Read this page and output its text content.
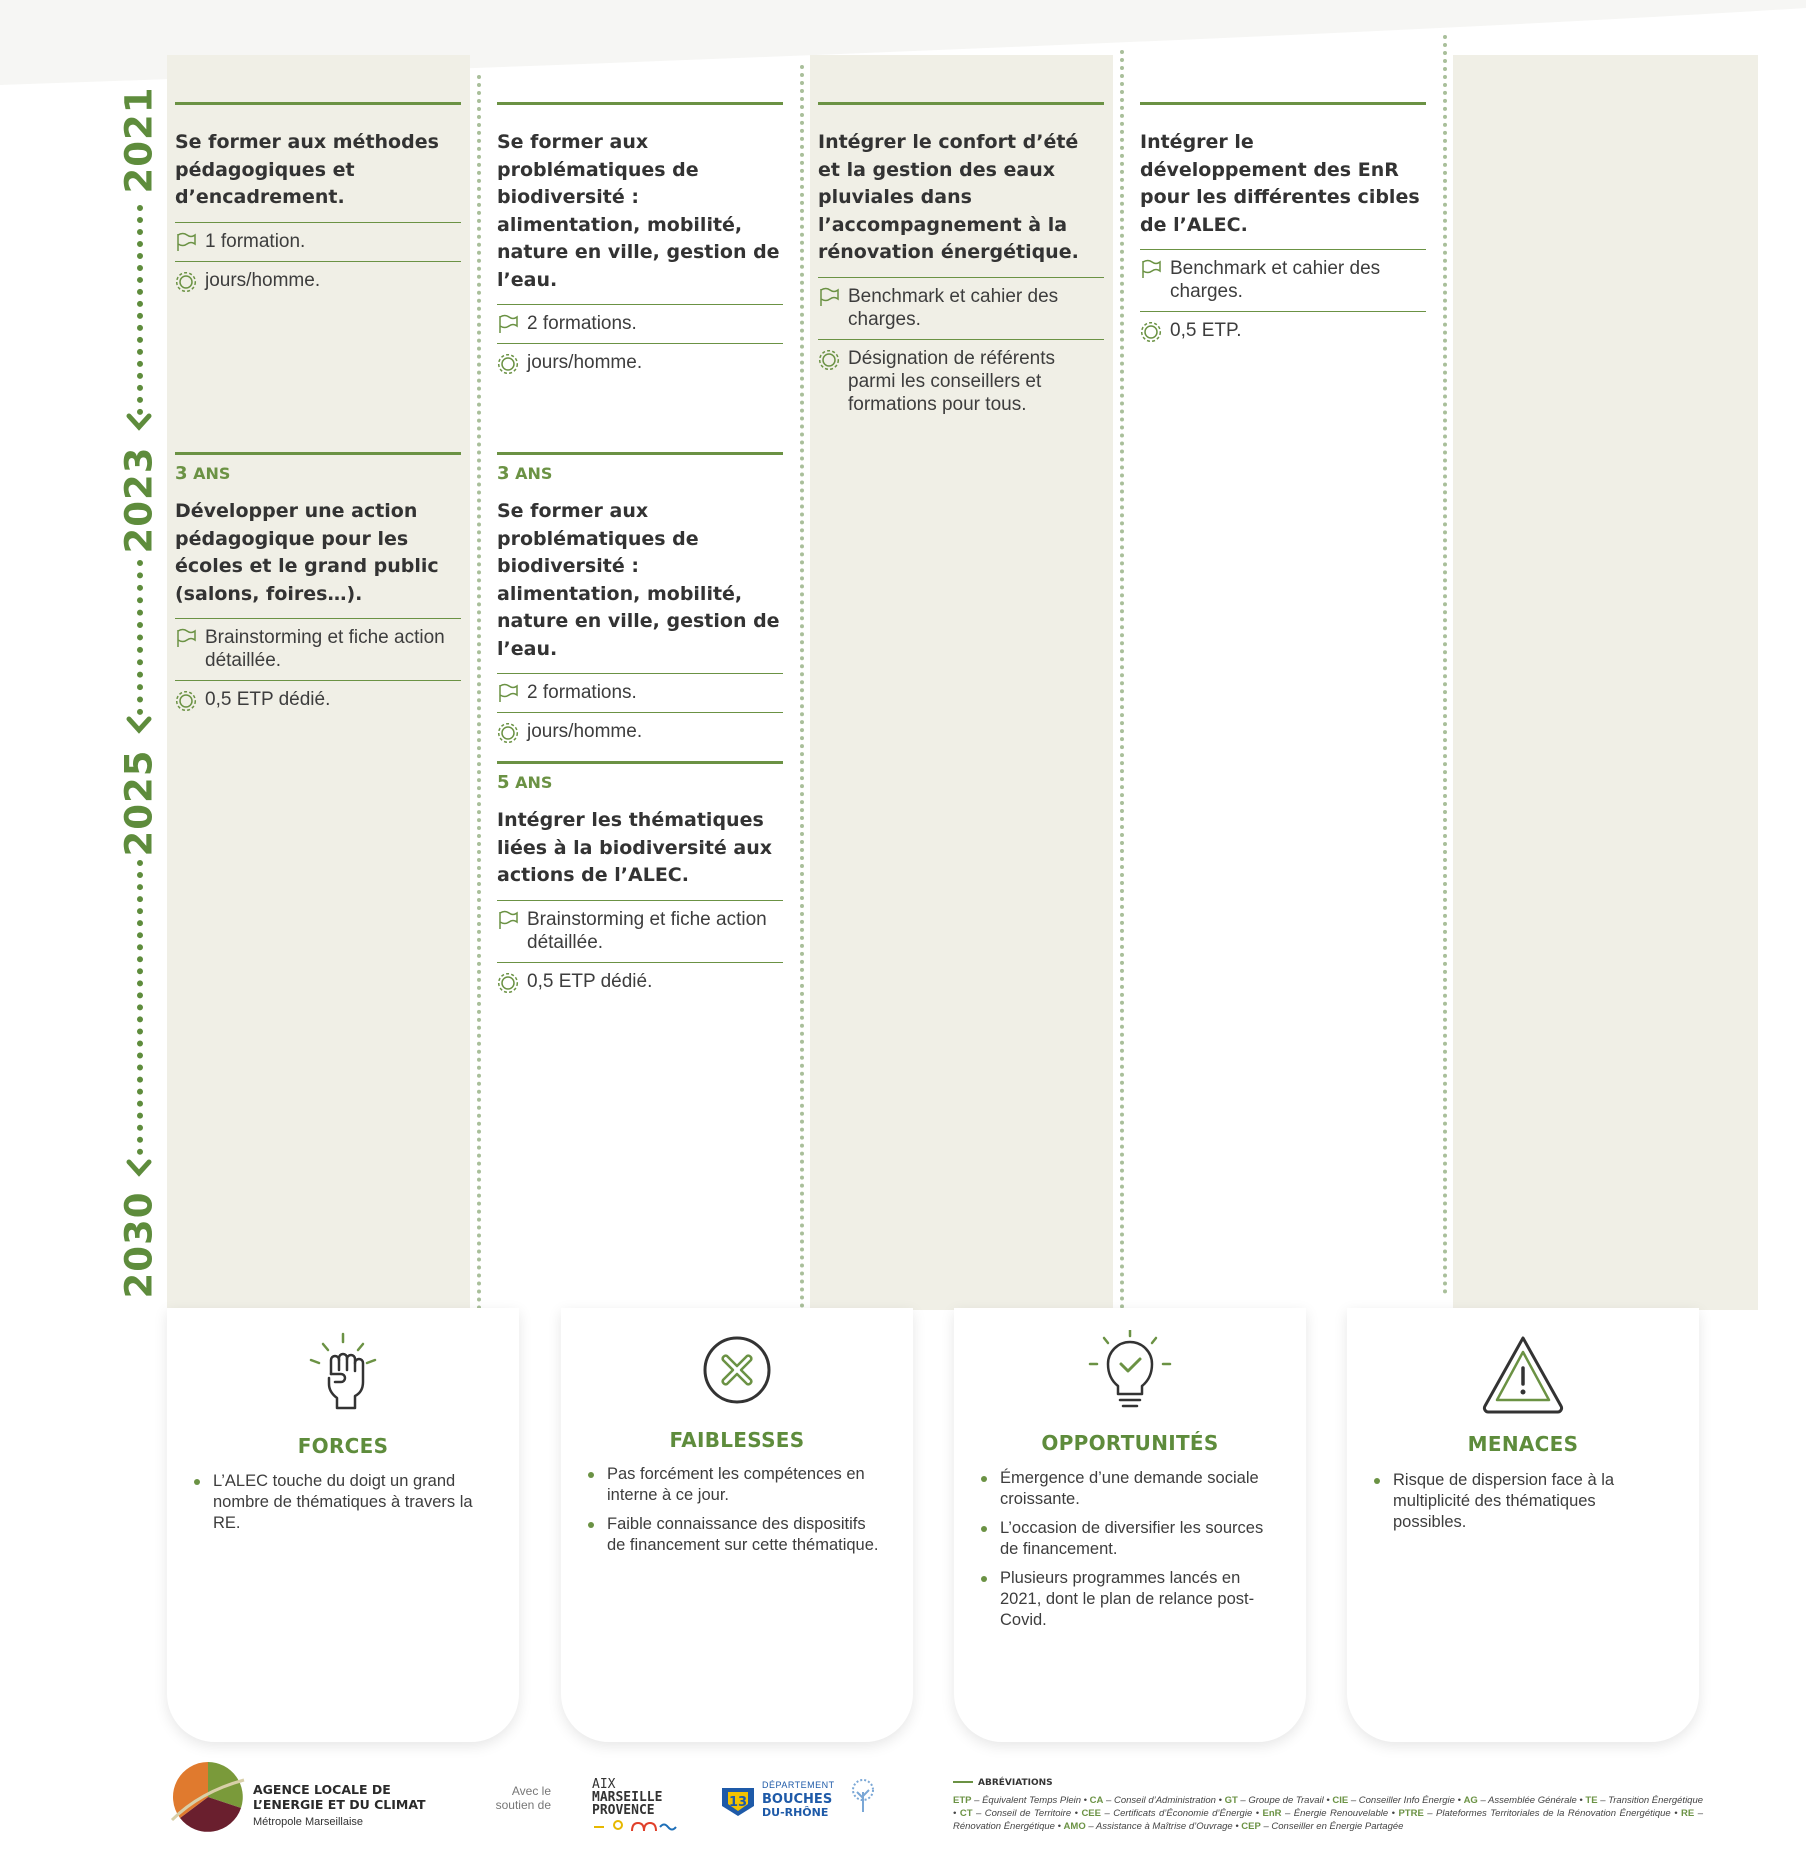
2021
2023
2025
2030
Se former aux méthodes pédagogiques et d’encadrement.
1 formation.
jours/homme.
3 ANS
Développer une action pédagogique pour les écoles et le grand public (salons, foires…).
Brainstorming et fiche action détaillée.
0,5 ETP dédié.
Se former aux problématiques de biodiversité : alimentation, mobilité, nature en ville, gestion de l’eau.
2 formations.
jours/homme.
3 ANS
Se former aux problématiques de biodiversité : alimentation, mobilité, nature en ville, gestion de l’eau.
2 formations.
jours/homme.
5 ANS
Intégrer les thématiques liées à la biodiversité aux actions de l’ALEC.
Brainstorming et fiche action détaillée.
0,5 ETP dédié.
Intégrer le confort d’été et la gestion des eaux pluviales dans l’accompagnement à la rénovation énergétique.
Benchmark et cahier des charges.
Désignation de référents parmi les conseillers et formations pour tous.
Intégrer le développement des EnR pour les différentes cibles de l’ALEC.
Benchmark et cahier des charges.
0,5 ETP.
FORCES
L’ALEC touche du doigt un grand nombre de thématiques à travers la RE.
FAIBLESSES
Pas forcément les compétences en interne à ce jour.
Faible connaissance des dispositifs de financement sur cette thématique.
OPPORTUNITÉS
Émergence d’une demande sociale croissante.
L’occasion de diversifier les sources de financement.
Plusieurs programmes lancés en 2021, dont le plan de relance post-Covid.
MENACES
Risque de dispersion face à la multiplicité des thématiques possibles.
AGENCE LOCALE DE
L’ENERGIE ET DU CLIMAT
Métropole Marseillaise
Avec le
soutien de
AIX
MARSEILLE
PROVENCE
13
DÉPARTEMENT
BOUCHES
DU-RHÔNE
ABRÉVIATIONS
ETP – Équivalent Temps Plein • CA – Conseil d’Administration • GT – Groupe de Travail • CIE – Conseiller Info Énergie • AG – Assemblée Générale • TE – Transition Énergétique • CT – Conseil de Territoire • CEE – Certificats d’Économie d’Énergie • EnR – Énergie Renouvelable • PTRE – Plateformes Territoriales de la Rénovation Énergétique • RE – Rénovation Énergétique • AMO – Assistance à Maîtrise d’Ouvrage • CEP – Conseiller en Énergie Partagée
